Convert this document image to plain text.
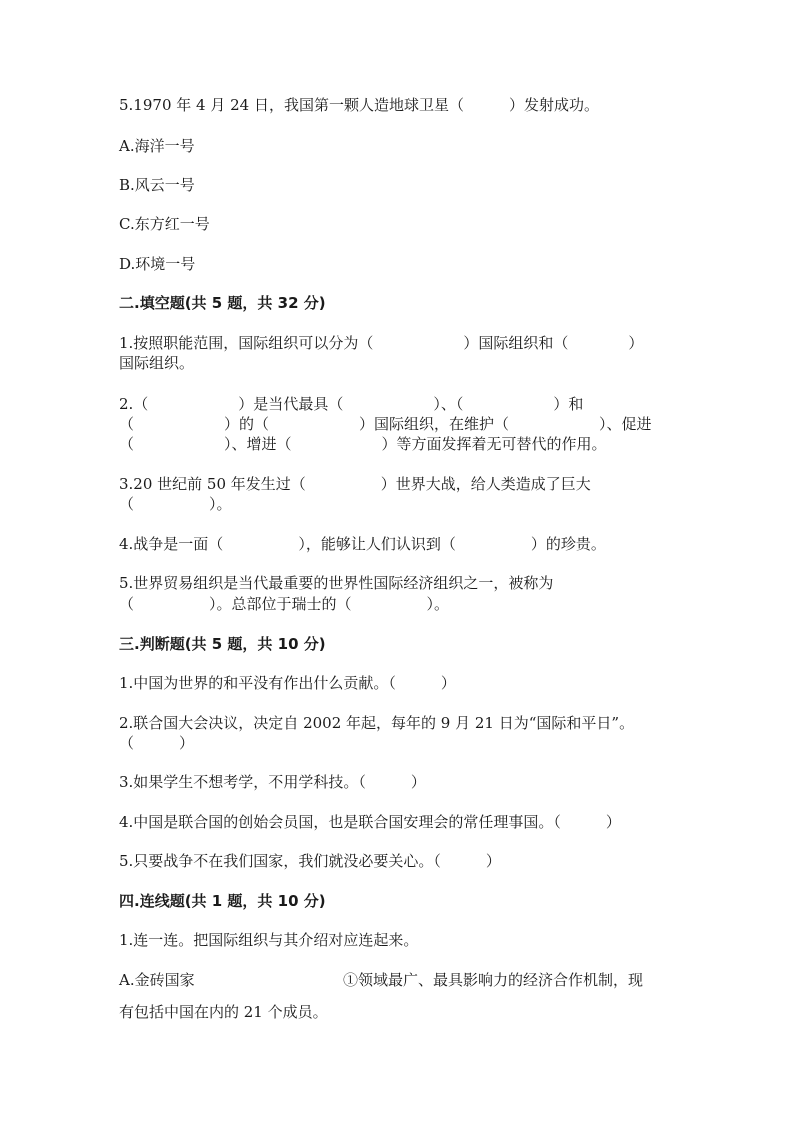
5.1970 年 4 月 24 日，我国第一颗人造地球卫星（　　　）发射成功。
A.海洋一号
B.风云一号
C.东方红一号
D.环境一号
二.填空题(共 5 题，共 32 分)
1.按照职能范围，国际组织可以分为（　　　　　　）国际组织和（　　　　）
国际组织。
2.（　　　　　　）是当代最具（　　　　　　）、（　　　　　　）和
（　　　　　　）的（　　　　　　）国际组织，在维护（　　　　　　）、促进
（　　　　　　）、增进（　　　　　　）等方面发挥着无可替代的作用。
3.20 世纪前 50 年发生过（　　　　　）世界大战，给人类造成了巨大
（　　　　　）。
4.战争是一面（　　　　　），能够让人们认识到（　　　　　）的珍贵。
5.世界贸易组织是当代最重要的世界性国际经济组织之一，被称为
（　　　　　）。总部位于瑞士的（　　　　　）。
三.判断题(共 5 题，共 10 分)
1.中国为世界的和平没有作出什么贡献。（　　　）
2.联合国大会决议，决定自 2002 年起，每年的 9 月 21 日为“国际和平日”。
（　　　）
3.如果学生不想考学，不用学科技。（　　　）
4.中国是联合国的创始会员国，也是联合国安理会的常任理事国。（　　　）
5.只要战争不在我们国家，我们就没必要关心。（　　　）
四.连线题(共 1 题，共 10 分)
1.连一连。把国际组织与其介绍对应连起来。
A.金砖国家	①领域最广、最具影响力的经济合作机制，现
有包括中国在内的 21 个成员。
